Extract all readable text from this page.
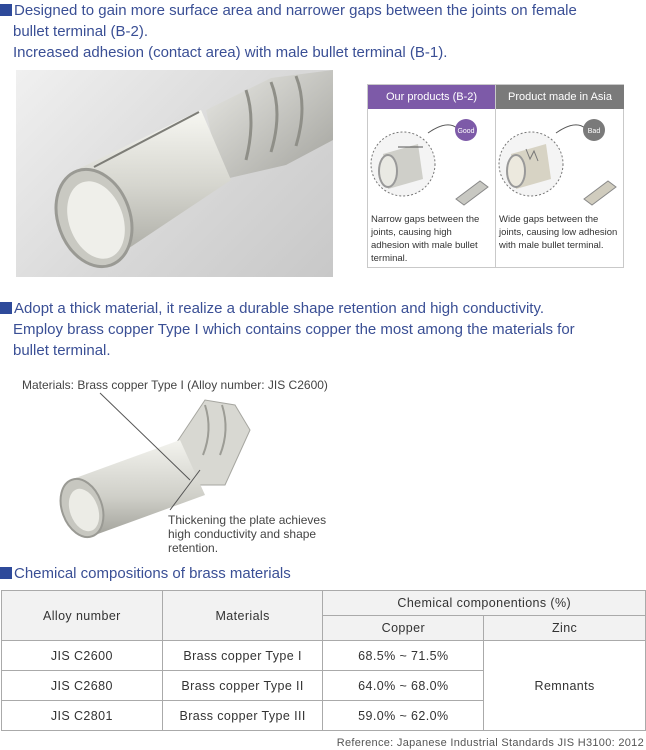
Designed to gain more surface area and narrower gaps between the joints on female
bullet terminal (B-2).
Increased adhesion (contact area) with male bullet terminal (B-1).
Our products (B-2)
Good
Narrow gaps between the joints, causing high adhesion with male bullet terminal.
Product made in Asia
Bad
Wide gaps between the joints, causing low adhesion with male bullet terminal.
Adopt a thick material, it realize a durable shape retention and high conductivity.
Employ brass copper Type I which contains copper the most among the materials for
bullet terminal.
Materials: Brass copper Type I (Alloy number: JIS C2600)
Thickening the plate achieves
high conductivity and shape
retention.
Chemical compositions of brass materials
Alloy number	Materials	Chemical componentions (%)	
		Copper	Zinc
JIS C2600	Brass copper Type I	68.5% ~ 71.5%	Remnants
JIS C2680	Brass copper Type II	64.0% ~ 68.0%	
JIS C2801	Brass copper Type III	59.0% ~ 62.0%	
Reference: Japanese Industrial Standards JIS H3100: 2012
